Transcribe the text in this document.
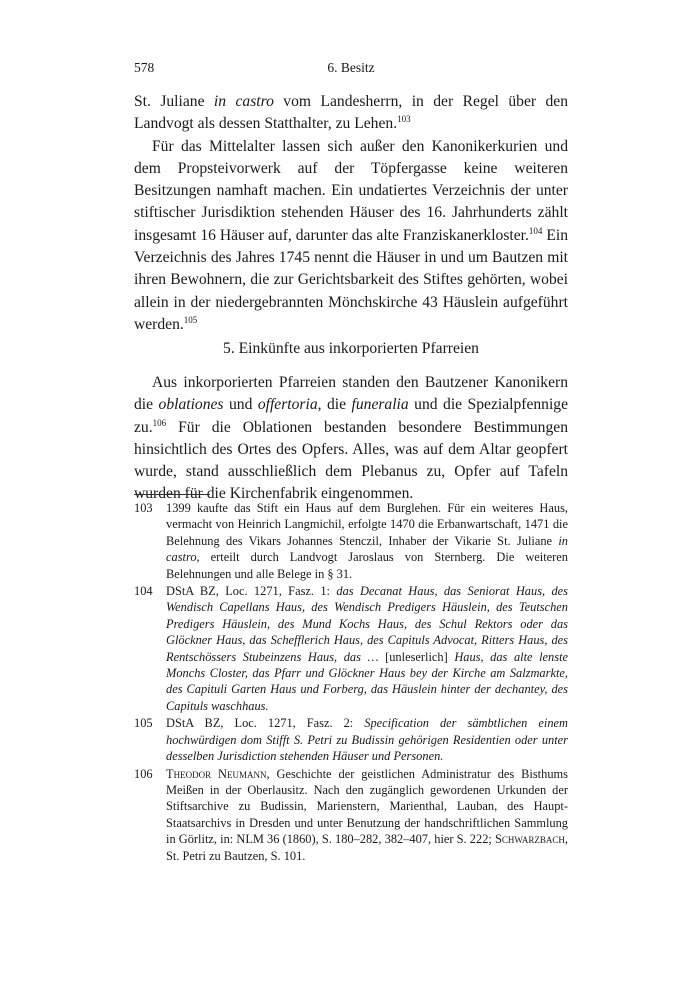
578	6. Besitz

St. Juliane in castro vom Landesherrn, in der Regel über den Landvogt als dessen Statthalter, zu Lehen.$^{103}$

Für das Mittelalter lassen sich außer den Kanonikerkurien und dem Propsteivorwerk auf der Töpfergasse keine weiteren Besitzungen namhaft machen. Ein undatiertes Verzeichnis der unter stiftischer Jurisdiktion stehenden Häuser des 16. Jahrhunderts zählt insgesamt 16 Häuser auf, darunter das alte Franziskanerkloster.$^{104}$ Ein Verzeichnis des Jahres 1745 nennt die Häuser in und um Bautzen mit ihren Bewohnern, die zur Gerichtsbarkeit des Stiftes gehörten, wobei allein in der niedergebrannten Mönchskirche 43 Häuslein aufgeführt werden.$^{105}$

5. Einkünfte aus inkorporierten Pfarreien

Aus inkorporierten Pfarreien standen den Bautzener Kanonikern die oblationes und offertoria, die funeralia und die Spezialpfennige zu.$^{106}$ Für die Oblationen bestanden besondere Bestimmungen hinsichtlich des Ortes des Opfers. Alles, was auf dem Altar geopfert wurde, stand ausschließlich dem Plebanus zu, Opfer auf Tafeln wurden für die Kirchenfabrik eingenommen.

103 1399 kaufte das Stift ein Haus auf dem Burglehen. Für ein weiteres Haus, vermacht von Heinrich Langmichil, erfolgte 1470 die Erbanwartschaft, 1471 die Belehnung des Vikars Johannes Stenczil, Inhaber der Vikarie St. Juliane in castro, erteilt durch Landvogt Jaroslaus von Sternberg. Die weiteren Belehnungen und alle Belege in § 31.

104 DStA BZ, Loc. 1271, Fasz. 1: das Decanat Haus, das Seniorat Haus, des Wendisch Capellans Haus, des Wendisch Predigers Häuslein, des Teutschen Predigers Häuslein, des Mund Kochs Haus, des Schul Rektors oder das Glöckner Haus, das Schefflerich Haus, des Capituls Advocat, Ritters Haus, des Rentschössers Stubeinzens Haus, das … [unleserlich] Haus, das alte lenste Monchs Closter, das Pfarr und Glöckner Haus bey der Kirche am Salzmarkte, des Capituli Garten Haus und Forberg, das Häuslein hinter der dechantey, des Capituls waschhaus.

105 DStA BZ, Loc. 1271, Fasz. 2: Specification der sämbtlichen einem hochwürdigen dom Stifft S. Petri zu Budissin gehörigen Residentien oder unter desselben Jurisdiction stehenden Häuser und Personen.

106 Theodor Neumann, Geschichte der geistlichen Administratur des Bisthums Meißen in der Oberlausitz. Nach den zugänglich gewordenen Urkunden der Stiftsarchive zu Budissin, Marienstern, Marienthal, Lauban, des Haupt-Staatsarchivs in Dresden und unter Benutzung der handschriftlichen Sammlung in Görlitz, in: NLM 36 (1860), S. 180–282, 382–407, hier S. 222; Schwarzbach, St. Petri zu Bautzen, S. 101.
